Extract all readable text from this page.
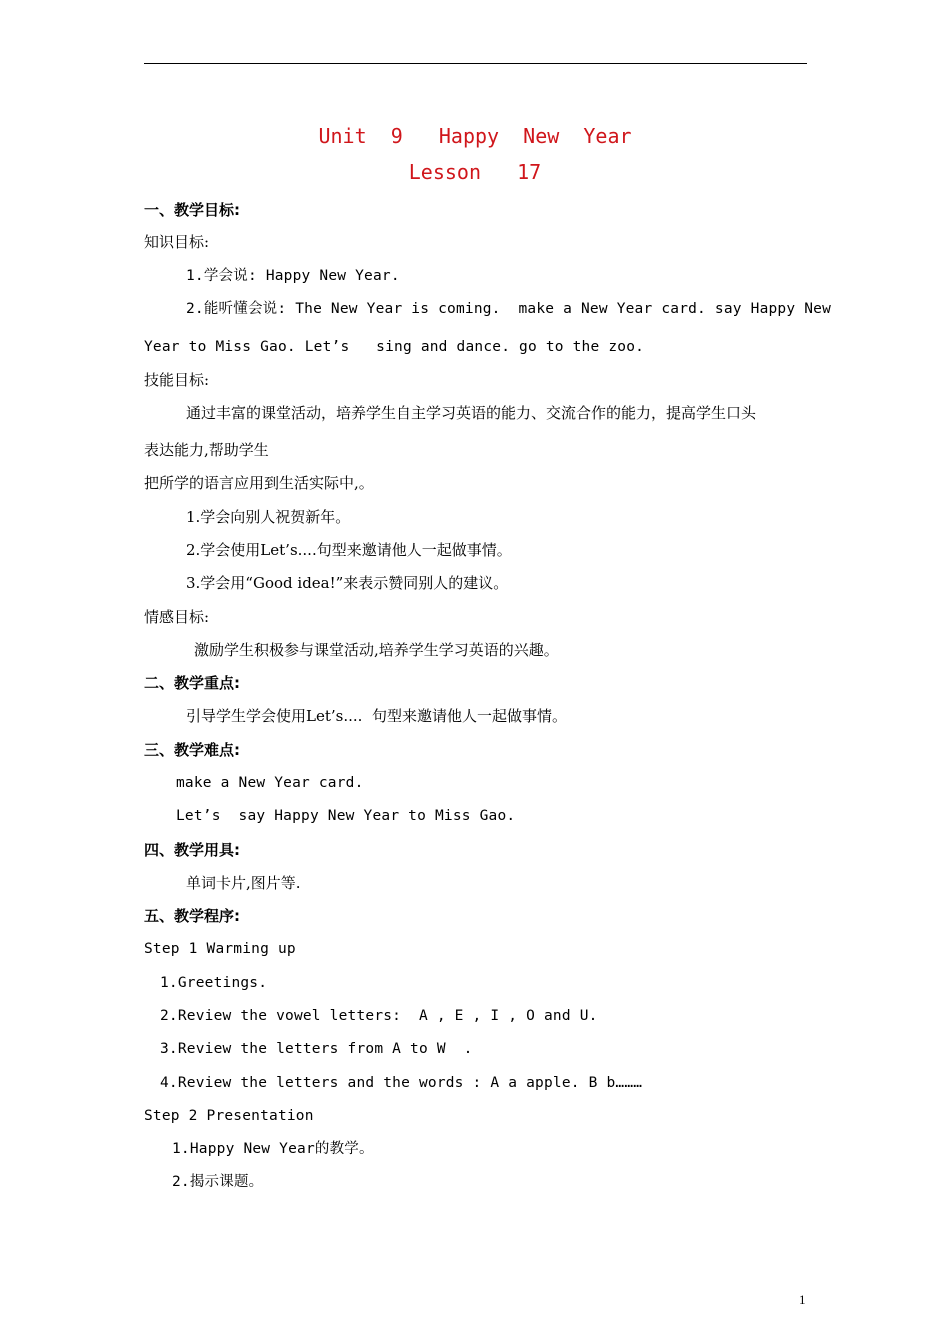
Unit  9   Happy  New  Year
Lesson   17
一、教学目标:
知识目标:
1.学会说: Happy New Year.
2.能听懂会说: The New Year is coming.  make a New Year card. say Happy New
Year to Miss Gao. Let’s   sing and dance. go to the zoo.
技能目标:
通过丰富的课堂活动，培养学生自主学习英语的能力、交流合作的能力，提高学生口头
表达能力,帮助学生
把所学的语言应用到生活实际中,。
1.学会向别人祝贺新年。
2.学会使用Let’s....句型来邀请他人一起做事情。
3.学会用“Good idea!”来表示赞同别人的建议。
情感目标:
激励学生积极参与课堂活动,培养学生学习英语的兴趣。
二、教学重点:
引导学生学会使用Let’s....  句型来邀请他人一起做事情。
三、教学难点:
make a New Year card.
Let’s  say Happy New Year to Miss Gao.
四、教学用具:
单词卡片,图片等.
五、教学程序:
Step 1 Warming up
1.Greetings.
2.Review the vowel letters:  A , E , I , O and U.
3.Review the letters from A to W  .
4.Review the letters and the words : A a apple. B b………
Step 2 Presentation
1.Happy New Year的教学。
2.揭示课题。
1
